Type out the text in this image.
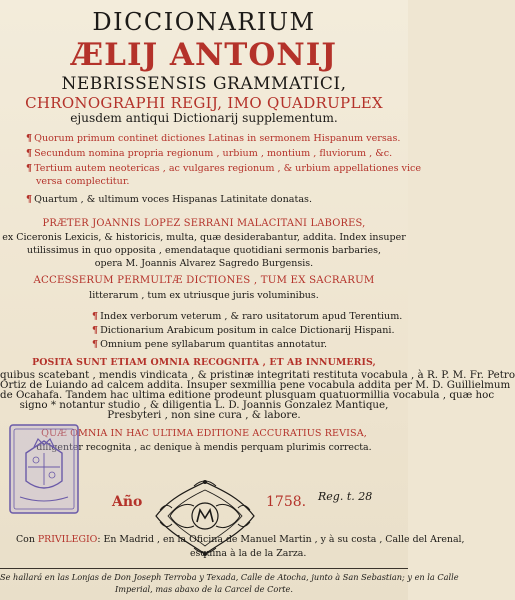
DICCIONARIUM
ÆLIJ ANTONIJ
NEBRISSENSIS GRAMMATICI,
CHRONOGRAPHI REGIJ, IMO QUADRUPLEX
ejusdem antiqui Dictionarij supplementum.
¶ Quorum primum continet dictiones Latinas in sermonem Hispanum versas.
¶ Secundum nomina propria regionum , urbium , montium , fluviorum , &c.
¶ Tertium autem neotericas , ac vulgares regionum , & urbium appellationes vice
versa complectitur.
¶ Quartum , & ultimum voces Hispanas Latinitate donatas.
PRÆTER JOANNIS LOPEZ SERRANI MALACITANI LABORES,
ex Ciceronis Lexicis, & historicis, multa, quæ desiderabantur, addita. Index insuper
utilissimus in quo opposita , emendataque quotidiani sermonis barbaries,
opera M. Joannis Alvarez Sagredo Burgensis.
ACCESSERUM PERMULTÆ DICTIONES , TUM EX SACRARUM
litterarum , tum ex utriusque juris voluminibus.
¶ Index verborum veterum , & raro usitatorum apud Terentium.
¶ Dictionarium Arabicum positum in calce Dictionarij Hispani.
¶ Omnium pene syllabarum quantitas annotatur.
POSITA SUNT ETIAM OMNIA RECOGNITA , ET AB INNUMERIS,
quibus scatebant , mendis vindicata , & pristinæ integritati restituta vocabula , à R. P. M. Fr. Petro
Ortiz de Luiando ad calcem addita. Insuper sexmillia pene vocabula addita per M. D. Guillielmum
de Ocahafa. Tandem hac ultima editione prodeunt plusquam quatuormillia vocabula , quæ hoc
signo * notantur studio , & diligentia L. D. Joannis Gonzalez Mantique,
Presbyteri , non sine cura , & labore.
QUÆ OMNIA IN HAC ULTIMA EDITIONE ACCURATIUS REVISA,
diligenter recognita , ac denique à mendis perquam plurimis correcta.
Año	1758. Reg. t. 28
Con PRIVILEGIO: En Madrid , en la Oficina de Manuel Martin , y à su costa , Calle del Arenal,
esquina à la de la Zarza.
Se hallará en las Lonjas de Don Joseph Terroba y Texada, Calle de Atocha, junto à San Sebastian; y en la Calle
Imperial, mas abaxo de la Carcel de Corte.
